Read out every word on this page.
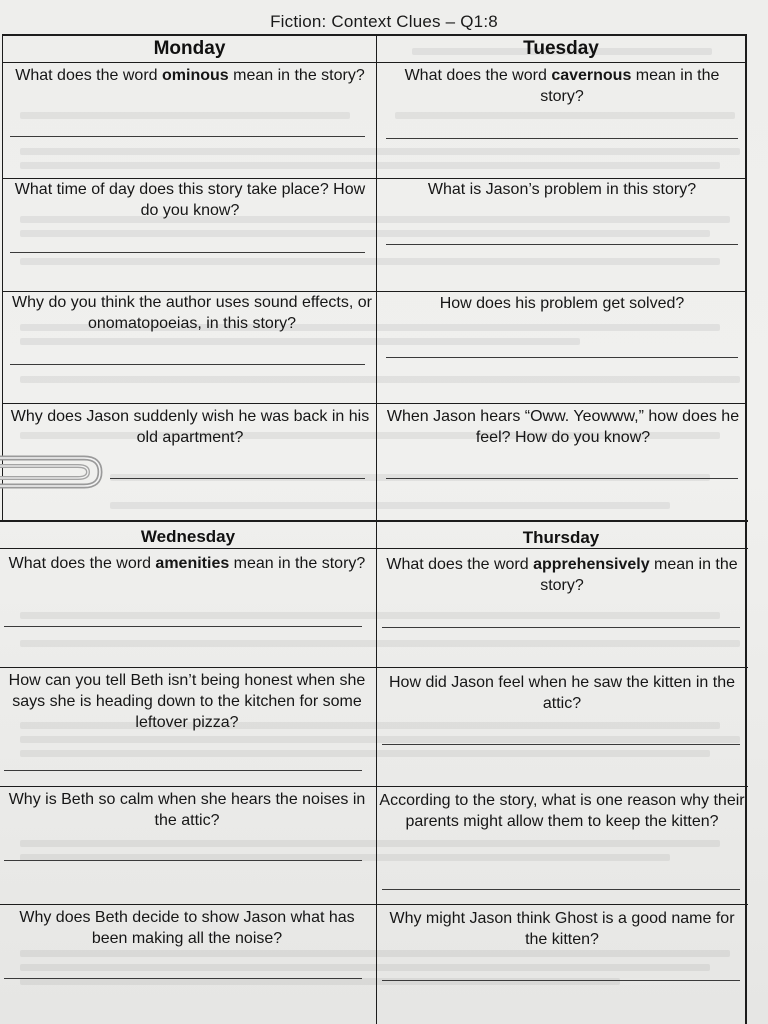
Fiction: Context Clues – Q1:8
Monday	Tuesday
Wednesday	Thursday
What does the word ominous mean in the story?
What time of day does this story take place? How do you know?
Why do you think the author uses sound effects, or onomatopoeias, in this story?
Why does Jason suddenly wish he was back in his old apartment?
What does the word cavernous mean in the story?
What is Jason’s problem in this story?
How does his problem get solved?
When Jason hears “Oww. Yeowww,” how does he feel? How do you know?
What does the word amenities mean in the story?
How can you tell Beth isn’t being honest when she says she is heading down to the kitchen for some leftover pizza?
Why is Beth so calm when she hears the noises in the attic?
Why does Beth decide to show Jason what has been making all the noise?
What does the word apprehensively mean in the story?
How did Jason feel when he saw the kitten in the attic?
According to the story, what is one reason why their parents might allow them to keep the kitten?
Why might Jason think Ghost is a good name for the kitten?
